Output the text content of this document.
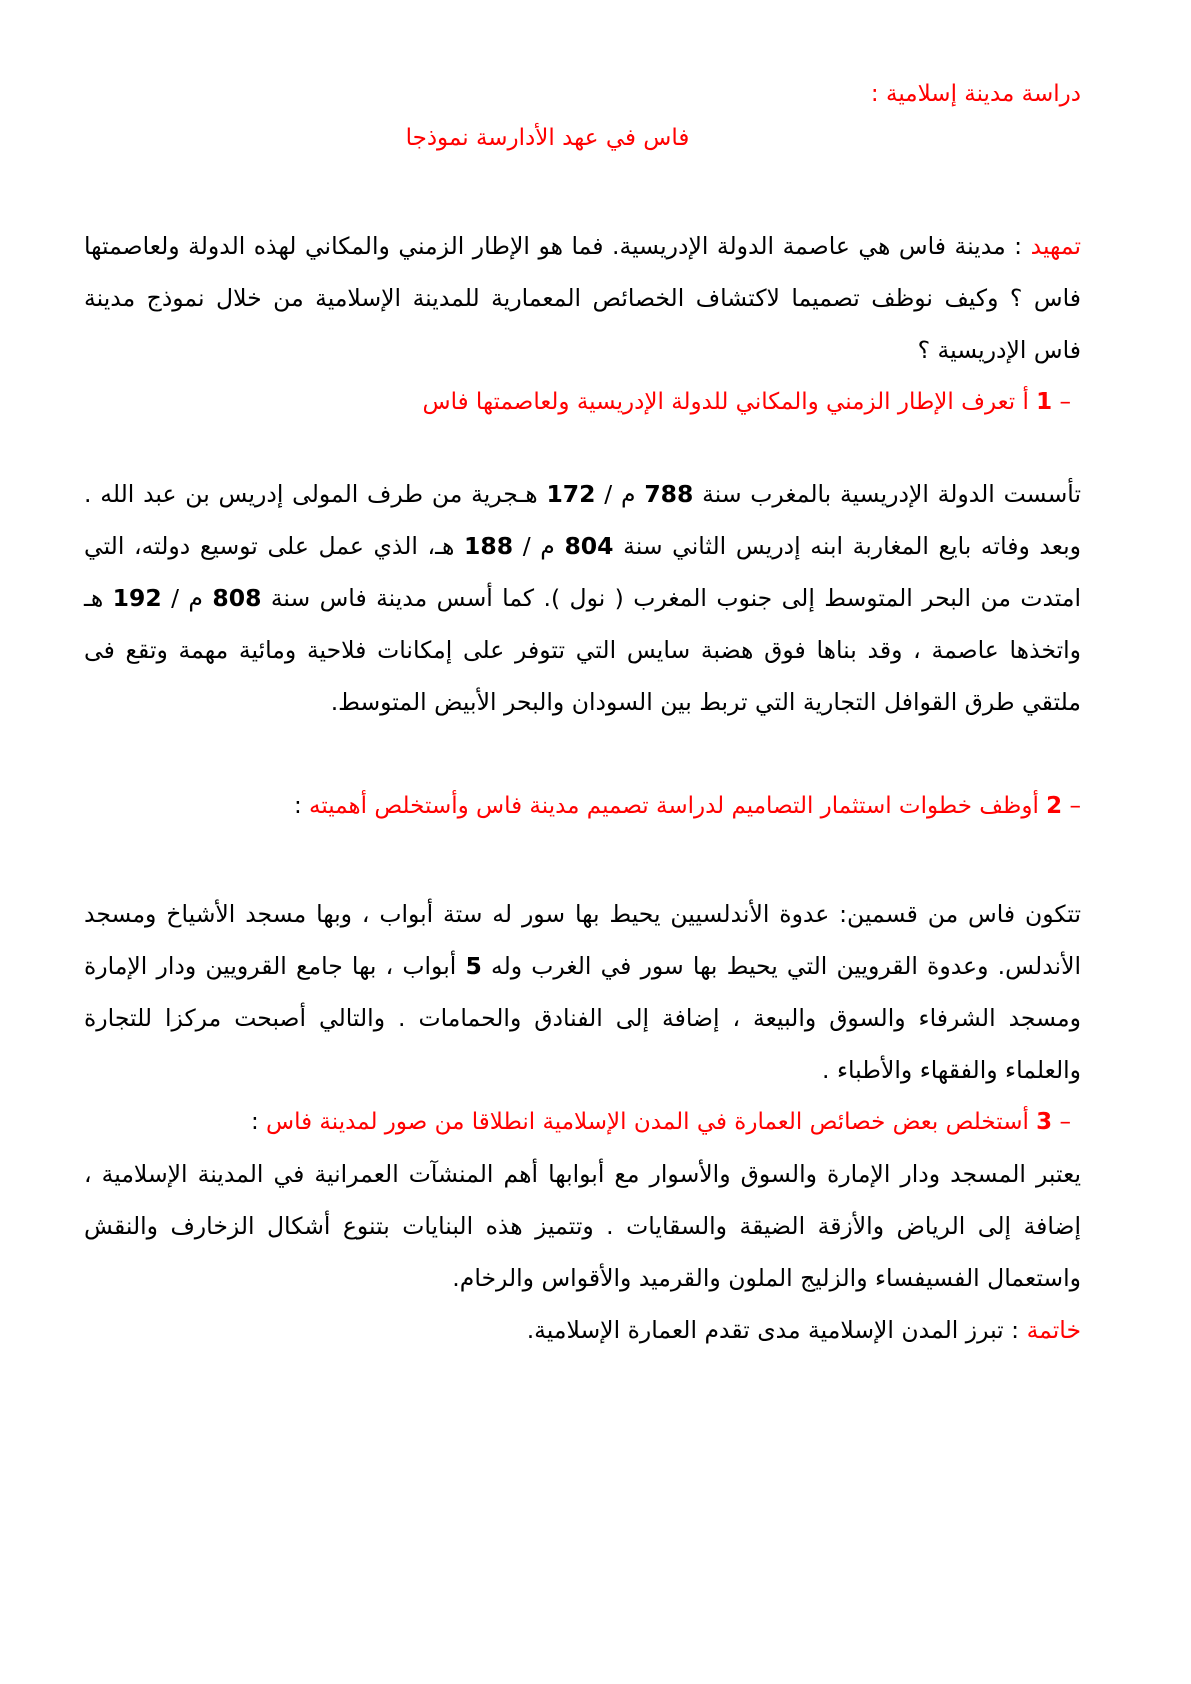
دراسة مدينة إسلامية :

فاس في عهد الأدارسة نموذجا

تمهيد : مدينة فاس هي عاصمة الدولة الإدريسية. فما هو الإطار الزمني والمكاني لهذه الدولة ولعاصمتها فاس ؟ وكيف نوظف تصميما لاكتشاف الخصائص المعمارية للمدينة الإسلامية من خلال نموذج مدينة فاس الإدريسية ؟

– 1 أ تعرف الإطار الزمني والمكاني للدولة الإدريسية ولعاصمتها فاس

تأسست الدولة الإدريسية بالمغرب سنة 788 م / 172 هـجرية من طرف المولى إدريس بن عبد الله . وبعد وفاته بايع المغاربة ابنه إدريس الثاني سنة 804 م / 188 هـ، الذي عمل على توسيع دولته، التي امتدت من البحر المتوسط إلى جنوب المغرب ( نول ). كما أسس مدينة فاس سنة 808 م / 192 هـ واتخذها عاصمة ، وقد بناها فوق هضبة سايس التي تتوفر على إمكانات فلاحية ومائية مهمة وتقع فى ملتقي طرق القوافل التجارية التي تربط بين السودان والبحر الأبيض المتوسط.

– 2 أوظف خطوات استثمار التصاميم لدراسة تصميم مدينة فاس وأستخلص أهميته :

تتكون فاس من قسمين: عدوة الأندلسيين يحيط بها سور له ستة أبواب ، وبها مسجد الأشياخ ومسجد الأندلس. وعدوة القرويين التي يحيط بها سور في الغرب وله 5 أبواب ، بها جامع القرويين ودار الإمارة ومسجد الشرفاء والسوق والبيعة ، إضافة إلى الفنادق والحمامات . والتالي أصبحت مركزا للتجارة والعلماء والفقهاء والأطباء .

– 3 أستخلص بعض خصائص العمارة في المدن الإسلامية انطلاقا من صور لمدينة فاس :

يعتبر المسجد ودار الإمارة والسوق والأسوار مع أبوابها أهم المنشآت العمرانية في المدينة الإسلامية ، إضافة إلى الرياض والأزقة الضيقة والسقايات . وتتميز هذه البنايات بتنوع أشكال الزخارف والنقش واستعمال الفسيفساء والزليج الملون والقرميد والأقواس والرخام.

خاتمة : تبرز المدن الإسلامية مدى تقدم العمارة الإسلامية.
